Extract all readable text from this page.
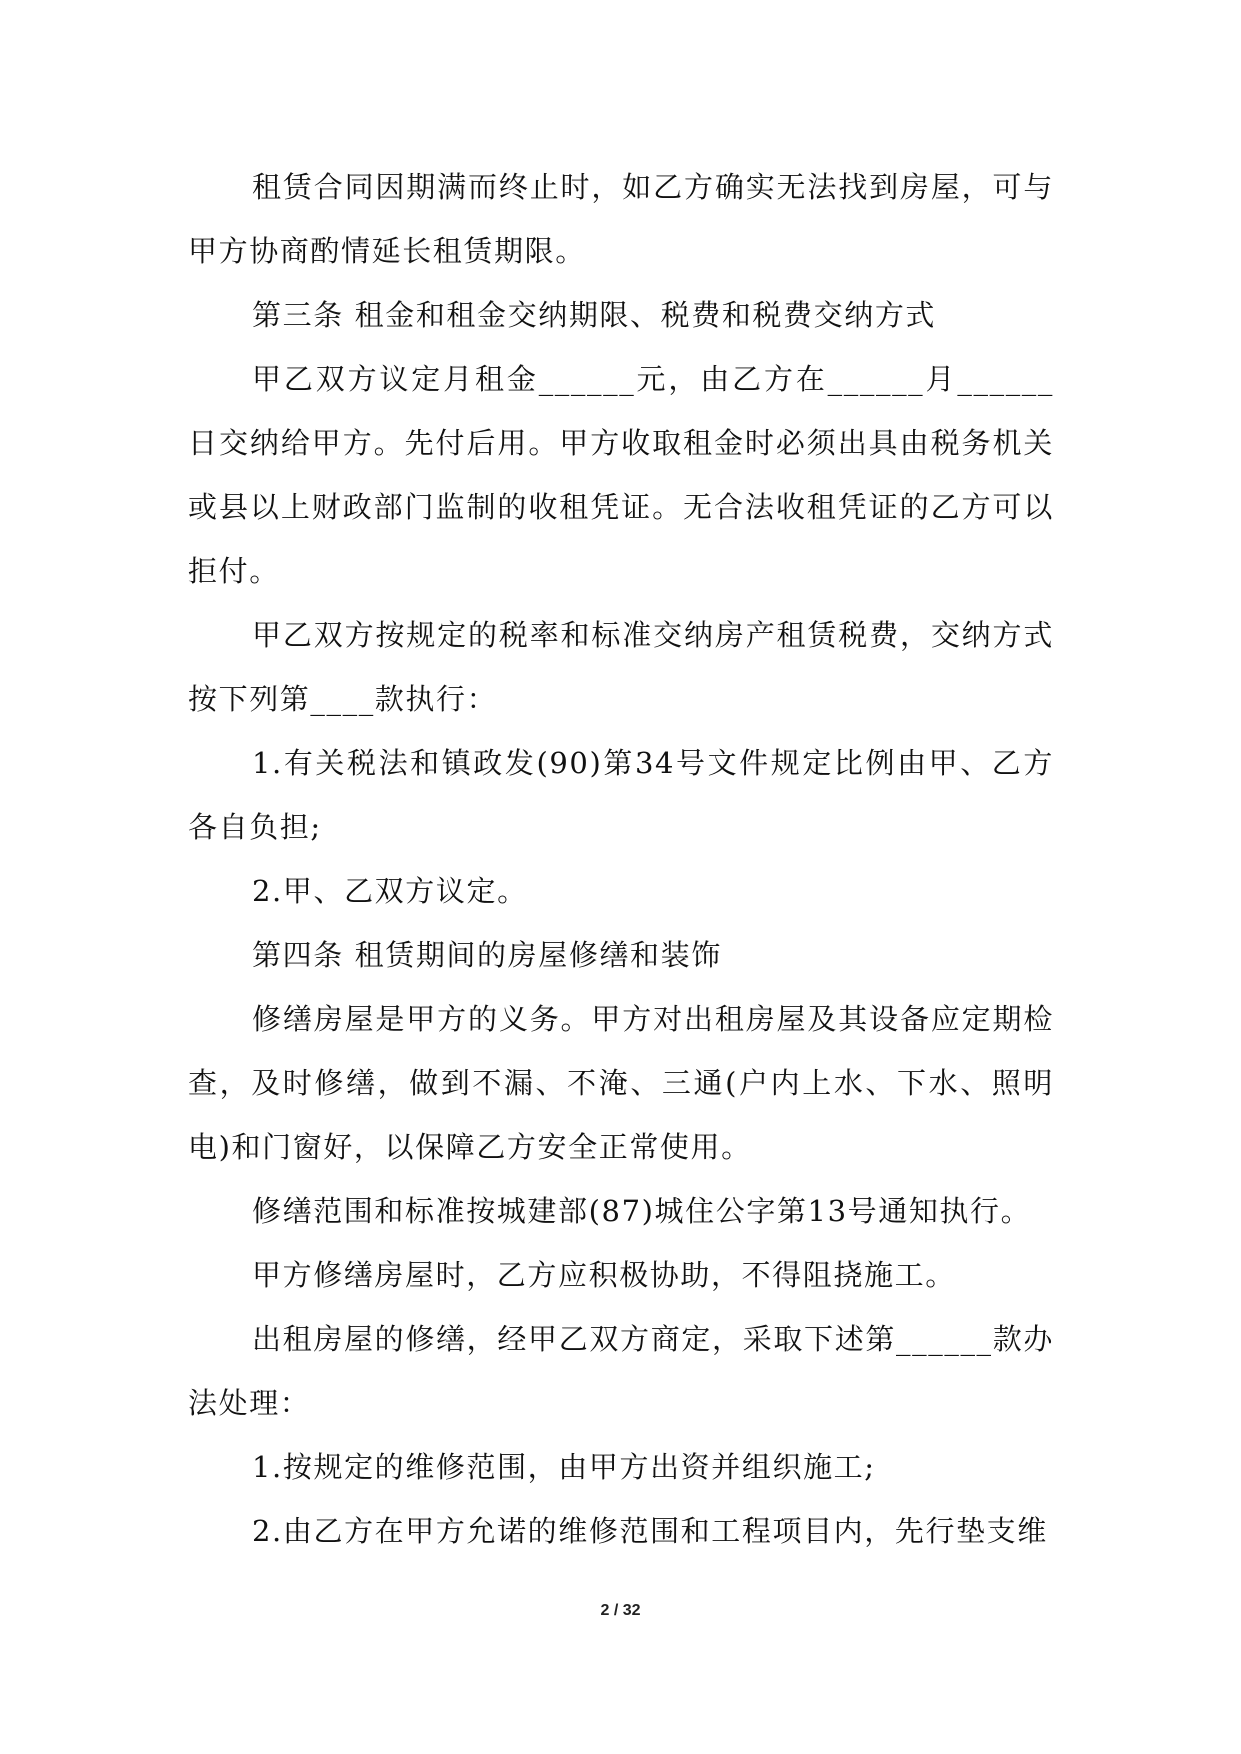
租赁合同因期满而终止时，如乙方确实无法找到房屋，可与甲方协商酌情延长租赁期限。

第三条 租金和租金交纳期限、税费和税费交纳方式

甲乙双方议定月租金______元，由乙方在______月______日交纳给甲方。先付后用。甲方收取租金时必须出具由税务机关或县以上财政部门监制的收租凭证。无合法收租凭证的乙方可以拒付。

甲乙双方按规定的税率和标准交纳房产租赁税费，交纳方式按下列第____款执行：

1.有关税法和镇政发(90)第34号文件规定比例由甲、乙方各自负担;

2.甲、乙双方议定。

第四条 租赁期间的房屋修缮和装饰

修缮房屋是甲方的义务。甲方对出租房屋及其设备应定期检查，及时修缮，做到不漏、不淹、三通(户内上水、下水、照明电)和门窗好，以保障乙方安全正常使用。

修缮范围和标准按城建部(87)城住公字第13号通知执行。

甲方修缮房屋时，乙方应积极协助，不得阻挠施工。

出租房屋的修缮，经甲乙双方商定，采取下述第______款办法处理：

1.按规定的维修范围，由甲方出资并组织施工;

2.由乙方在甲方允诺的维修范围和工程项目内，先行垫支维

2 / 32
